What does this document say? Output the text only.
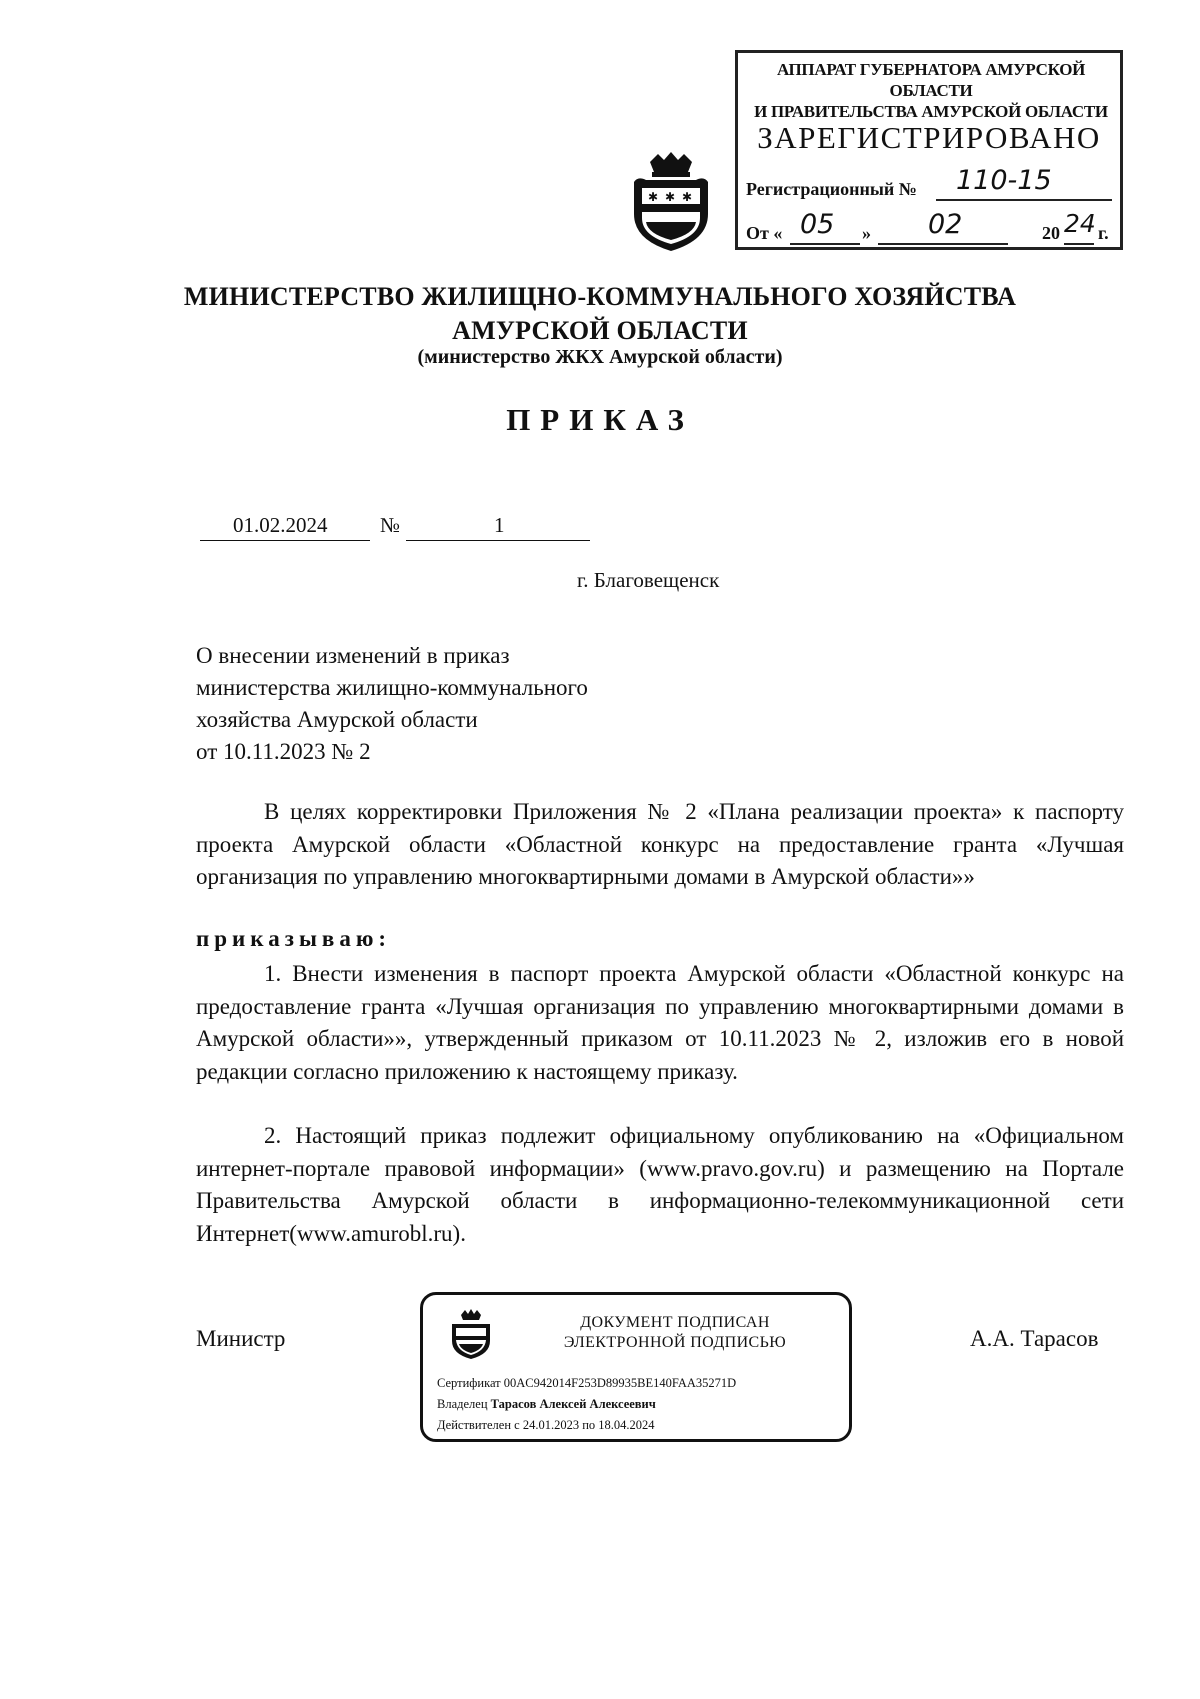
АППАРАТ ГУБЕРНАТОРА АМУРСКОЙ ОБЛАСТИ
И ПРАВИТЕЛЬСТВА АМУРСКОЙ ОБЛАСТИ
ЗАРЕГИСТРИРОВАНО
Регистрационный № 110-15
От « 05 » 02	20 24 г.
✱ ✱ ✱
МИНИСТЕРСТВО ЖИЛИЩНО-КОММУНАЛЬНОГО ХОЗЯЙСТВА
АМУРСКОЙ ОБЛАСТИ
(министерство ЖКХ Амурской области)
ПРИКАЗ
01.02.2024	№	1
г. Благовещенск
О внесении изменений в приказ
министерства жилищно-коммунального
хозяйства Амурской области
от 10.11.2023 № 2
В целях корректировки Приложения № 2 «Плана реализации проекта» к паспорту проекта Амурской области «Областной конкурс на предоставление гранта «Лучшая организация по управлению многоквартирными домами в Амурской области»»
приказываю:
1. Внести изменения в паспорт проекта Амурской области «Областной конкурс на предоставление гранта «Лучшая организация по управлению многоквартирными домами в Амурской области»», утвержденный приказом от 10.11.2023 № 2, изложив его в новой редакции согласно приложению к настоящему приказу.
2. Настоящий приказ подлежит официальному опубликованию на «Официальном интернет-портале правовой информации» (www.pravo.gov.ru) и размещению на Портале Правительства Амурской области в информационно-телекоммуникационной сети Интернет(www.amurobl.ru).
Министр
ДОКУМЕНТ ПОДПИСАН
ЭЛЕКТРОННОЙ ПОДПИСЬЮ
Сертификат 00AC942014F253D89935BE140FAA35271D
Владелец Тарасов Алексей Алексеевич
Действителен с 24.01.2023 по 18.04.2024
А.А. Тарасов
